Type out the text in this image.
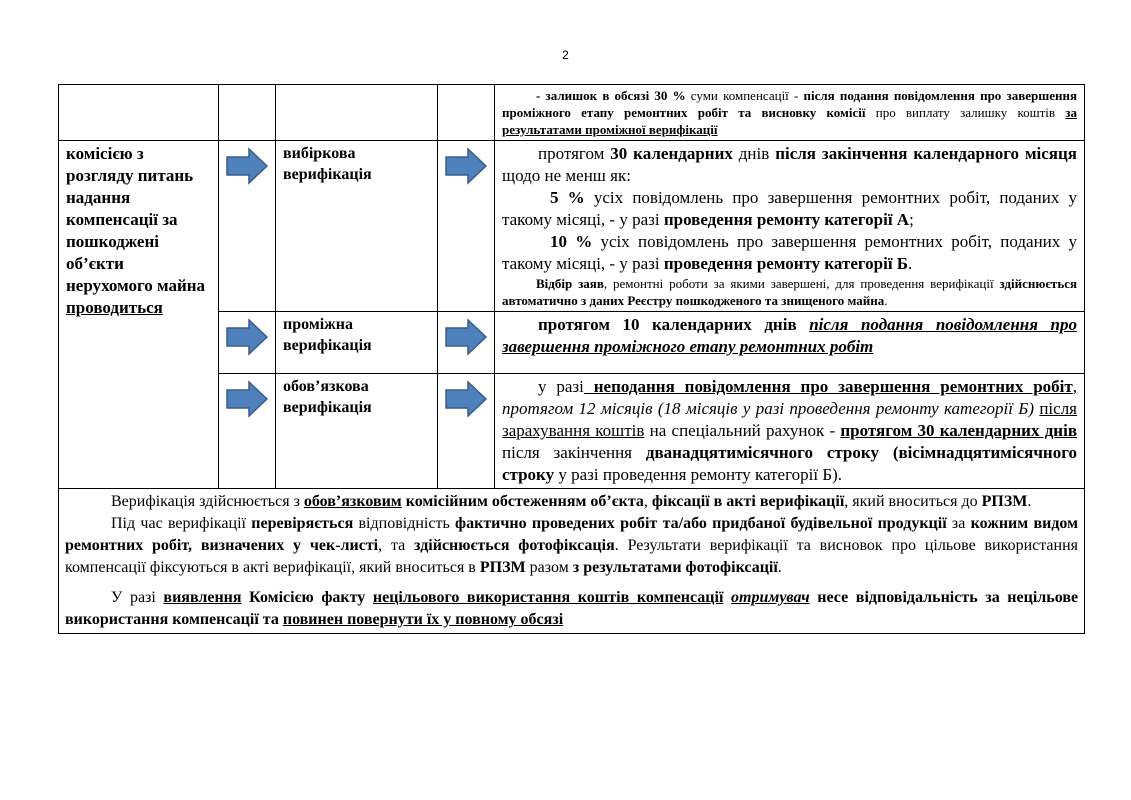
2

				- залишок в обсязі 30 % суми компенсації - після подання повідомлення про завершення проміжного етапу ремонтних робіт та висновку комісії про виплату залишку коштів за результатами проміжної верифікації

комісією з розгляду питань надання компенсації за пошкоджені об’єкти нерухомого майна проводиться		вибіркова верифікація		протягом 30 календарних днів після закінчення календарного місяця щодо не менш як:

5 % усіх повідомлень про завершення ремонтних робіт, поданих у такому місяці, - у разі проведення ремонту категорії А;

10 % усіх повідомлень про завершення ремонтних робіт, поданих у такому місяці, - у разі проведення ремонту категорії Б.

Відбір заяв, ремонтні роботи за якими завершені, для проведення верифікації здійснюється автоматично з даних Реєстру пошкодженого та знищеного майна.

	проміжна верифікація		протягом 10 календарних днів після подання повідомлення про завершення проміжного етапу ремонтних робіт

	обов’язкова верифікація		у разі неподання повідомлення про завершення ремонтних робіт, протягом 12 місяців (18 місяців у разі проведення ремонту категорії Б) після зарахування коштів на спеціальний рахунок - протягом 30 календарних днів після закінчення дванадцятимісячного строку (вісімнадцятимісячного строку у разі проведення ремонту категорії Б).

Верифікація здійснюється з обов’язковим комісійним обстеженням об’єкта, фіксації в акті верифікації, який вноситься до РПЗМ.

Під час верифікації перевіряється відповідність фактично проведених робіт та/або придбаної будівельної продукції за кожним видом ремонтних робіт, визначених у чек-листі, та здійснюється фотофіксація. Результати верифікації та висновок про цільове використання компенсації фіксуються в акті верифікації, який вноситься в РПЗМ разом з результатами фотофіксації.

У разі виявлення Комісією факту нецільового використання коштів компенсації отримувач несе відповідальність за нецільове використання компенсації та повинен повернути їх у повному обсязі				
